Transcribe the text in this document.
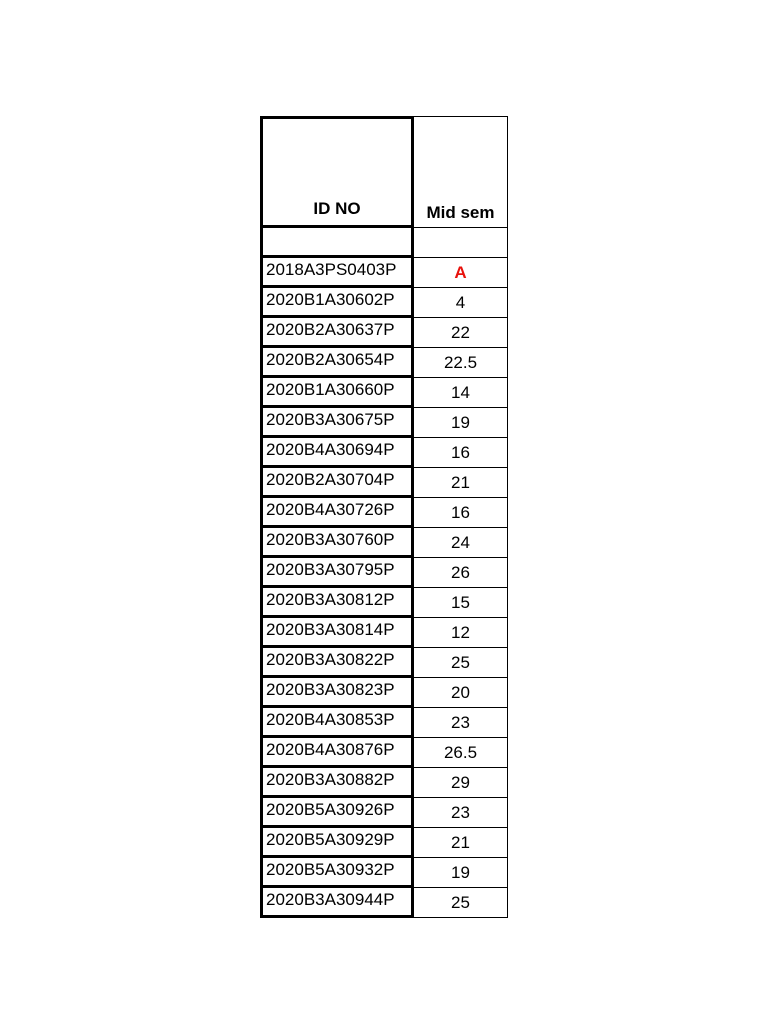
ID NO	Mid sem
2018A3PS0403P	A
2020B1A30602P	4
2020B2A30637P	22
2020B2A30654P	22.5
2020B1A30660P	14
2020B3A30675P	19
2020B4A30694P	16
2020B2A30704P	21
2020B4A30726P	16
2020B3A30760P	24
2020B3A30795P	26
2020B3A30812P	15
2020B3A30814P	12
2020B3A30822P	25
2020B3A30823P	20
2020B4A30853P	23
2020B4A30876P	26.5
2020B3A30882P	29
2020B5A30926P	23
2020B5A30929P	21
2020B5A30932P	19
2020B3A30944P	25
